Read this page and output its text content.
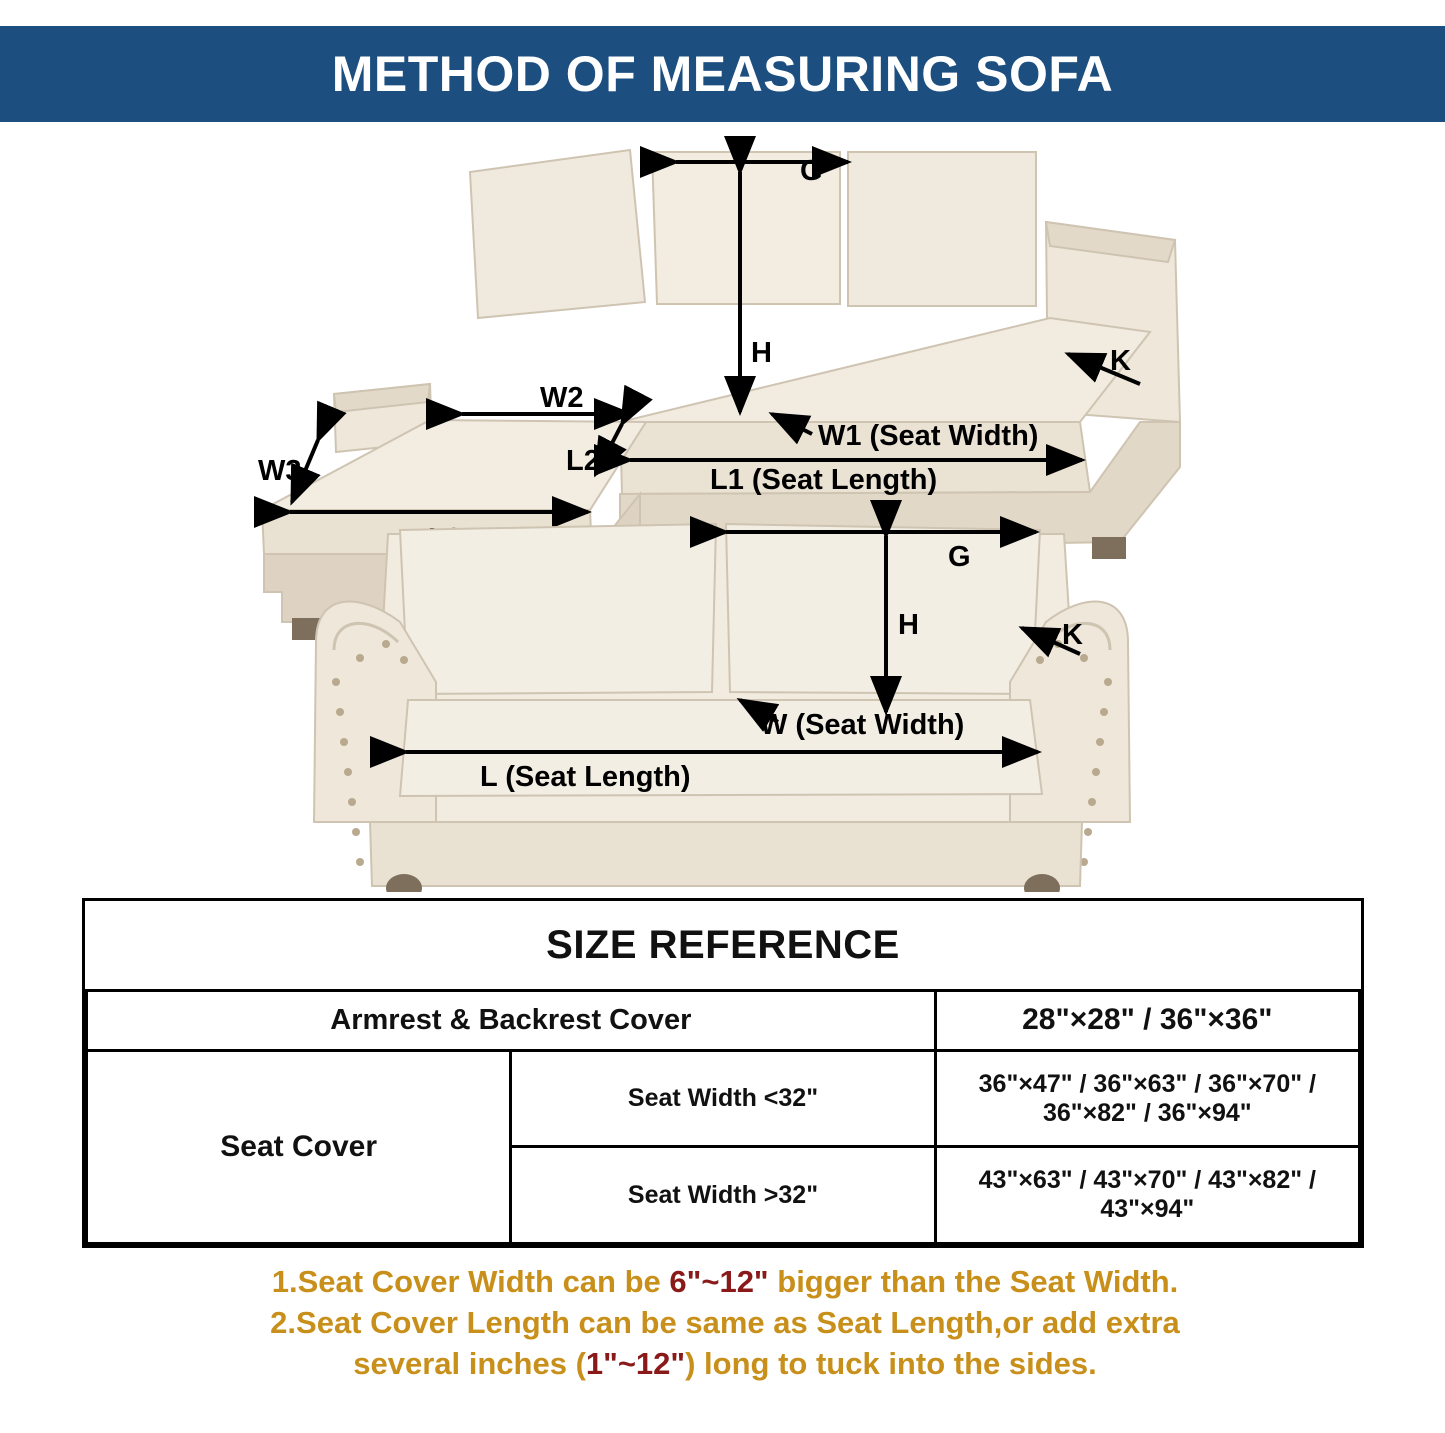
METHOD OF MEASURING SOFA
G
H	K
W2
W1 (Seat Width)
L1 (Seat Length)
L2
W3
G
H	K
W (Seat Width)
L (Seat Length)
SIZE REFERENCE		
Armrest & Backrest Cover		28"×28" / 36"×36"
Seat Cover	Seat Width <32"	36"×47" / 36"×63" / 36"×70" / 36"×82" / 36"×94"
	Seat Width >32"	43"×63" / 43"×70" / 43"×82" / 43"×94"
1.Seat Cover Width can be 6"~12" bigger than the Seat Width.
2.Seat Cover Length can be same as Seat Length,or add extra
several inches (1"~12") long to tuck into the sides.
